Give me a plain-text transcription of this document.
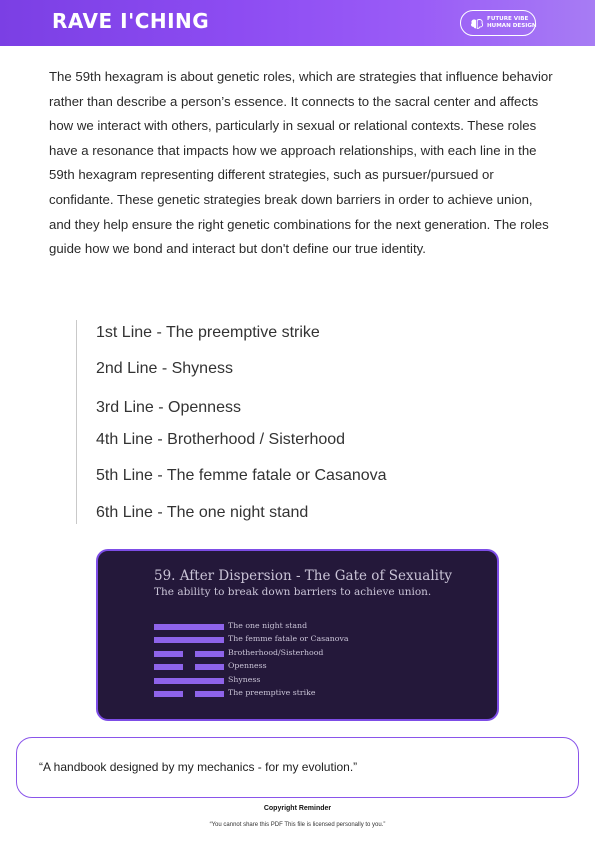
RAVE I'CHING	FUTURE VIBE
HUMAN DESIGN

The 59th hexagram is about genetic roles, which are strategies that influence behavior rather than describe a person’s essence. It connects to the sacral center and affects how we interact with others, particularly in sexual or relational contexts. These roles have a resonance that impacts how we approach relationships, with each line in the 59th hexagram representing different strategies, such as pursuer/pursued or confidante. These genetic strategies break down barriers in order to achieve union, and they help ensure the right genetic combinations for the next generation. The roles guide how we bond and interact but don't define our true identity.

1st Line - The preemptive strike
2nd Line - Shyness
3rd Line - Openness
4th Line - Brotherhood / Sisterhood
5th Line - The femme fatale or Casanova
6th Line - The one night stand
59. After Dispersion - The Gate of Sexuality
The ability to break down barriers to achieve union.
The one night stand
The femme fatale or Casanova
Brotherhood/Sisterhood
Openness
Shyness
The preemptive strike
“A handbook designed by my mechanics - for my evolution.”
Copyright Reminder
“You cannot share this PDF This file is licensed personally to you.”
